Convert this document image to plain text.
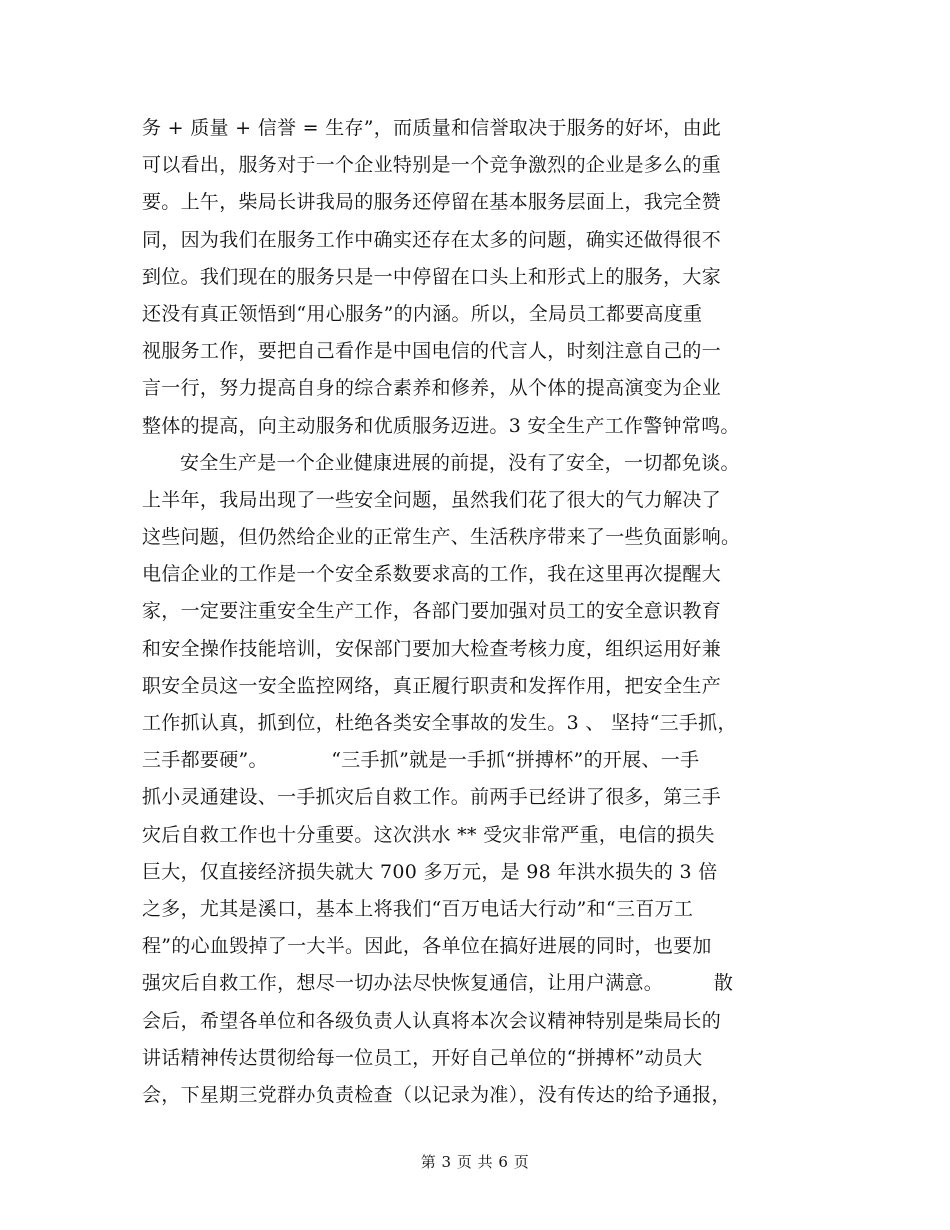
务 + 质量 + 信誉 = 生存”，而质量和信誉取决于服务的好坏，由此
可以看出，服务对于一个企业特别是一个竞争激烈的企业是多么的重
要。上午，柴局长讲我局的服务还停留在基本服务层面上，我完全赞
同，因为我们在服务工作中确实还存在太多的问题，确实还做得很不
到位。我们现在的服务只是一中停留在口头上和形式上的服务，大家
还没有真正领悟到“用心服务”的内涵。所以，全局员工都要高度重
视服务工作，要把自己看作是中国电信的代言人，时刻注意自己的一
言一行，努力提高自身的综合素养和修养，从个体的提高演变为企业
整体的提高，向主动服务和优质服务迈进。3 安全生产工作警钟常鸣。
安全生产是一个企业健康进展的前提，没有了安全，一切都免谈。
上半年，我局出现了一些安全问题，虽然我们花了很大的气力解决了
这些问题，但仍然给企业的正常生产、生活秩序带来了一些负面影响。
电信企业的工作是一个安全系数要求高的工作，我在这里再次提醒大
家，一定要注重安全生产工作，各部门要加强对员工的安全意识教育
和安全操作技能培训，安保部门要加大检查考核力度，组织运用好兼
职安全员这一安全监控网络，真正履行职责和发挥作用，把安全生产
工作抓认真，抓到位，杜绝各类安全事故的发生。3 、 坚持“三手抓，
三手都要硬”。          “三手抓”就是一手抓“拼搏杯”的开展、一手
抓小灵通建设、一手抓灾后自救工作。前两手已经讲了很多，第三手
灾后自救工作也十分重要。这次洪水 ** 受灾非常严重，电信的损失
巨大，仅直接经济损失就大 700 多万元，是 98 年洪水损失的 3 倍
之多，尤其是溪口，基本上将我们“百万电话大行动”和“三百万工
程”的心血毁掉了一大半。因此，各单位在搞好进展的同时，也要加
强灾后自救工作，想尽一切办法尽快恢复通信，让用户满意。        散
会后，希望各单位和各级负责人认真将本次会议精神特别是柴局长的
讲话精神传达贯彻给每一位员工，开好自己单位的“拼搏杯”动员大
会，下星期三党群办负责检查（以记录为准），没有传达的给予通报，
第 3 页 共 6 页
